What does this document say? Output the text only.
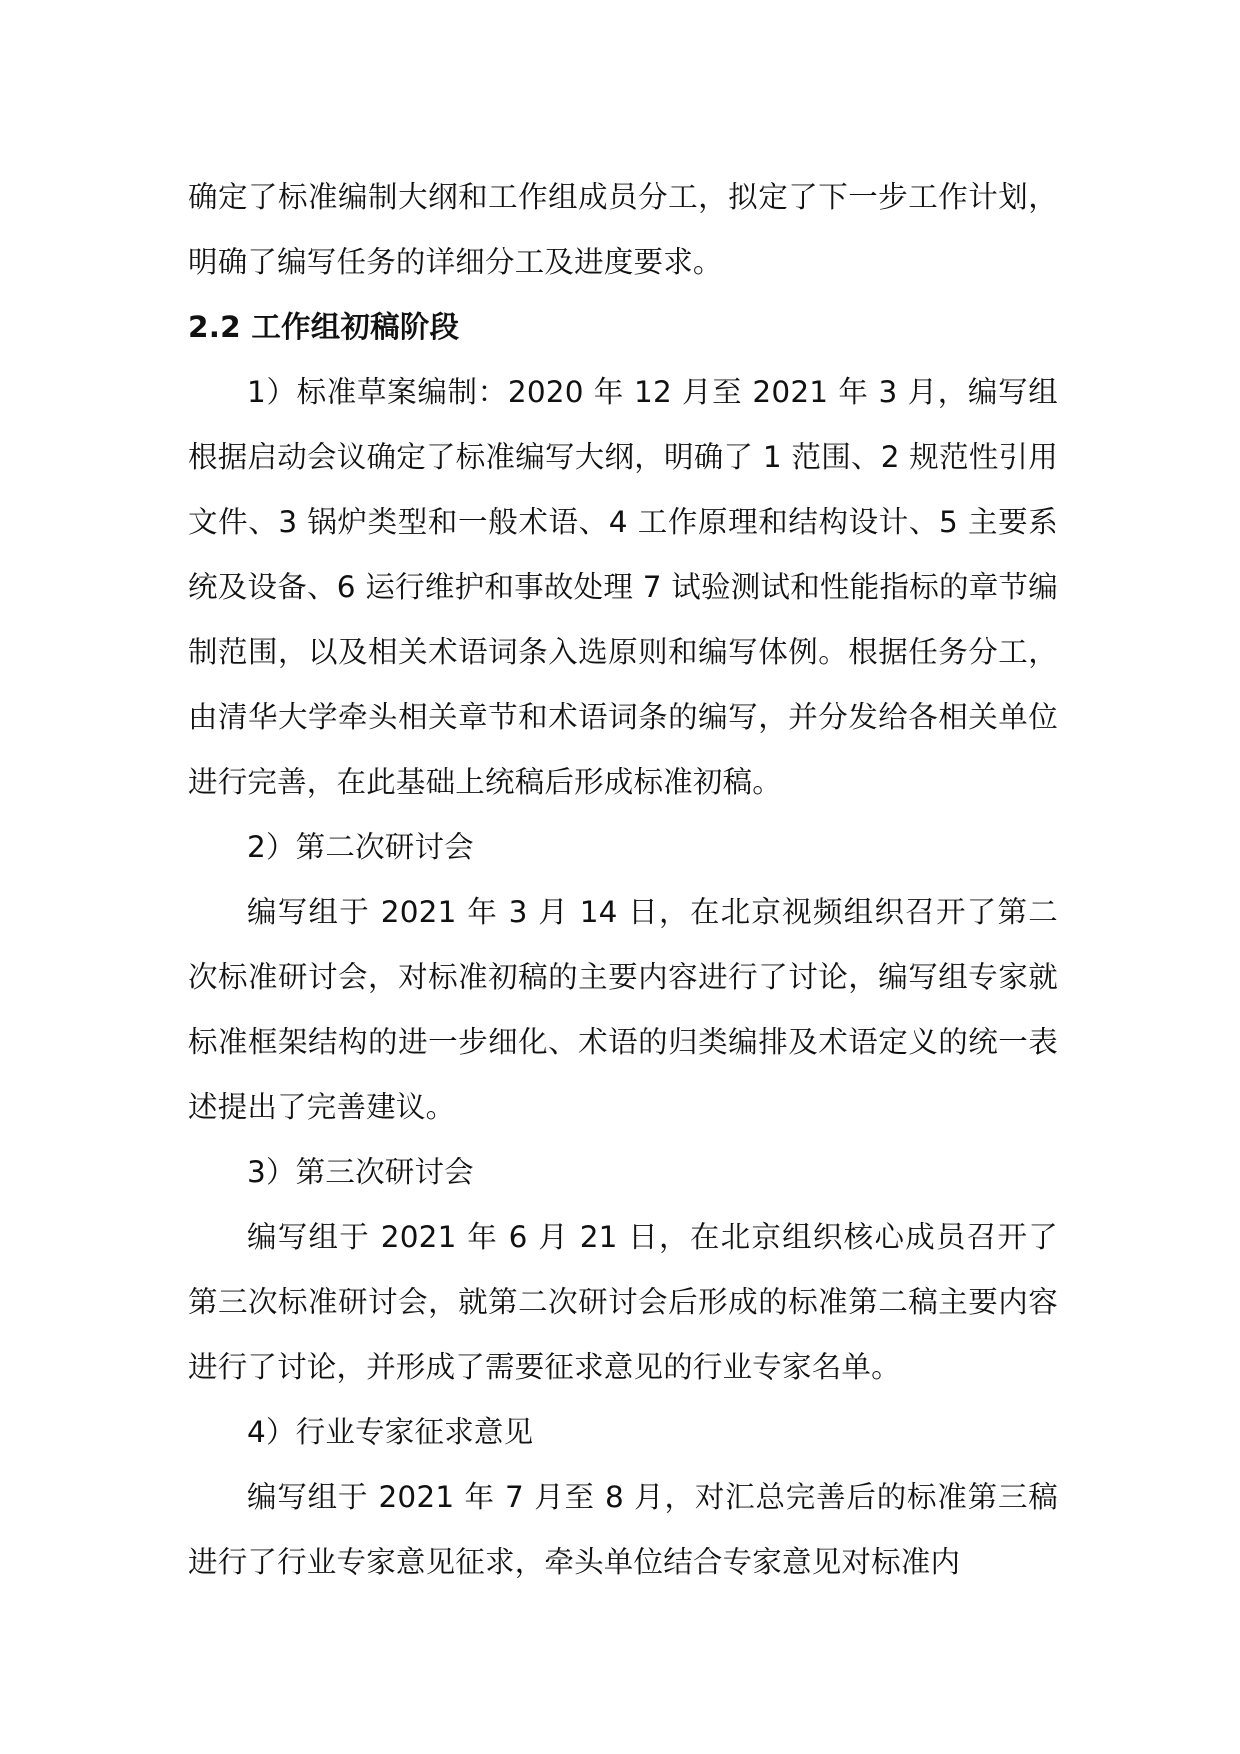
确定了标准编制大纲和工作组成员分工，拟定了下一步工作计划，明确了编写任务的详细分工及进度要求。

2.2 工作组初稿阶段

1）标准草案编制：2020 年 12 月至 2021 年 3 月，编写组根据启动会议确定了标准编写大纲，明确了 1 范围、2 规范性引用文件、3 锅炉类型和一般术语、4 工作原理和结构设计、5 主要系统及设备、6 运行维护和事故处理 7 试验测试和性能指标的章节编制范围，以及相关术语词条入选原则和编写体例。根据任务分工，由清华大学牵头相关章节和术语词条的编写，并分发给各相关单位进行完善，在此基础上统稿后形成标准初稿。

2）第二次研讨会

编写组于 2021 年 3 月 14 日，在北京视频组织召开了第二次标准研讨会，对标准初稿的主要内容进行了讨论，编写组专家就标准框架结构的进一步细化、术语的归类编排及术语定义的统一表述提出了完善建议。

3）第三次研讨会

编写组于 2021 年 6 月 21 日，在北京组织核心成员召开了第三次标准研讨会，就第二次研讨会后形成的标准第二稿主要内容进行了讨论，并形成了需要征求意见的行业专家名单。

4）行业专家征求意见

编写组于 2021 年 7 月至 8 月，对汇总完善后的标准第三稿进行了行业专家意见征求，牵头单位结合专家意见对标准内
